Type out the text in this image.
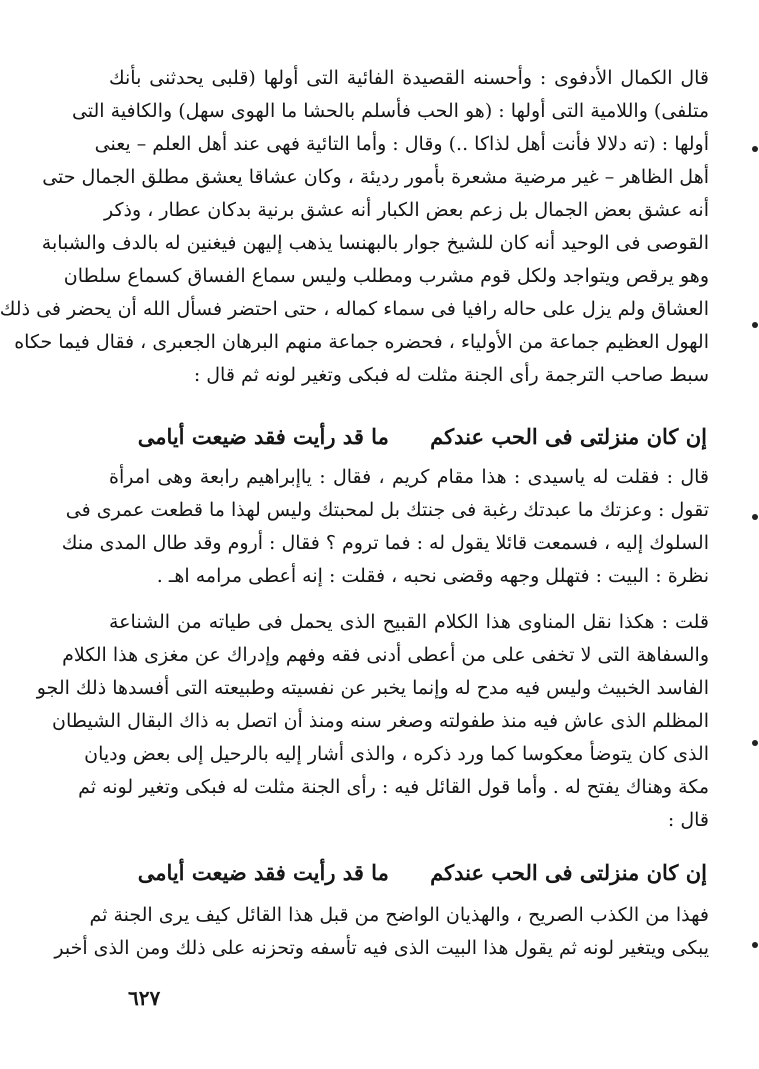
قال الكمال الأدفوى : وأحسنه القصيدة الفائية التى أولها (قلبى يحدثنى بأنك
متلفى) واللامية التى أولها : (هو الحب فأسلم بالحشا ما الهوى سهل) والكافية التى
أولها : (ته دلالا فأنت أهل لذاكا ..) وقال : وأما التائية فهى عند أهل العلم – يعنى
أهل الظاهر – غير مرضية مشعرة بأمور رديئة ، وكان عشاقا يعشق مطلق الجمال حتى
أنه عشق بعض الجمال بل زعم بعض الكبار أنه عشق برنية بدكان عطار ، وذكر
القوصى فى الوحيد أنه كان للشيخ جوار بالبهنسا يذهب إليهن فيغنين له بالدف والشبابة
وهو يرقص ويتواجد ولكل قوم مشرب ومطلب وليس سماع الفساق كسماع سلطان
العشاق ولم يزل على حاله رافيا فى سماء كماله ، حتى احتضر فسأل الله أن يحضر فى ذلك
الهول العظيم جماعة من الأولياء ، فحضره جماعة منهم البرهان الجعبرى ، فقال فيما حكاه
سبط صاحب الترجمة رأى الجنة مثلت له فبكى وتغير لونه ثم قال :
إن كان منزلتى فى الحب عندكم ما قد رأيت فقد ضيعت أيامى
قال : فقلت له ياسيدى : هذا مقام كريم ، فقال : ياإبراهيم رابعة وهى امرأة
تقول : وعزتك ما عبدتك رغبة فى جنتك بل لمحبتك وليس لهذا ما قطعت عمرى فى
السلوك إليه ، فسمعت قائلا يقول له : فما تروم ؟ فقال : أروم وقد طال المدى منك
نظرة : البيت : فتهلل وجهه وقضى نحبه ، فقلت : إنه أعطى مرامه اهـ .
قلت : هكذا نقل المناوى هذا الكلام القبيح الذى يحمل فى طياته من الشناعة
والسفاهة التى لا تخفى على من أعطى أدنى فقه وفهم وإدراك عن مغزى هذا الكلام
الفاسد الخبيث وليس فيه مدح له وإنما يخبر عن نفسيته وطبيعته التى أفسدها ذلك الجو
المظلم الذى عاش فيه منذ طفولته وصغر سنه ومنذ أن اتصل به ذاك البقال الشيطان
الذى كان يتوضأ معكوسا كما ورد ذكره ، والذى أشار إليه بالرحيل إلى بعض وديان
مكة وهناك يفتح له . وأما قول القائل فيه : رأى الجنة مثلت له فبكى وتغير لونه ثم
قال :
إن كان منزلتى فى الحب عندكم ما قد رأيت فقد ضيعت أيامى
فهذا من الكذب الصريح ، والهذيان الواضح من قبل هذا القائل كيف يرى الجنة ثم
يبكى ويتغير لونه ثم يقول هذا البيت الذى فيه تأسفه وتحزنه على ذلك ومن الذى أخبر
٦٢٧
